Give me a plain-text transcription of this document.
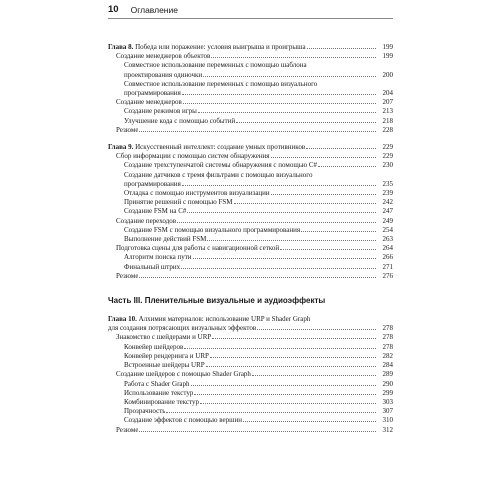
10 Оглавление
Глава 8. Победа или поражение: условия выигрыша и проигрыша	199
Создание менеджеров объектов	199
Совместное использование переменных с помощью шаблона
проектирования одиночки	200
Совместное использование переменных с помощью визуального
программирования	204
Создание менеджеров	207
Создание режимов игры	213
Улучшение кода с помощью событий	218
Резюме	228
Глава 9. Искусственный интеллект: создание умных противников	229
Сбор информации с помощью систем обнаружения	229
Создание трехступенчатой системы обнаружения с помощью C#	230
Создание датчиков с тремя фильтрами с помощью визуального
программирования	235
Отладка с помощью инструментов визуализации	239
Принятие решений с помощью FSM	242
Создание FSM на C#	247
Создание переходов	249
Создание FSM с помощью визуального программирования	254
Выполнение действий FSM	263
Подготовка сцены для работы с навигационной сеткой	264
Алгоритм поиска пути	266
Финальный штрих	271
Резюме	276
Часть III. Пленительные визуальные и аудиоэффекты
Глава 10. Алхимия материалов: использование URP и Shader Graph
для создания потрясающих визуальных эффектов	278
Знакомство с шейдерами и URP	278
Конвейер шейдеров	278
Конвейер рендеринга и URP	282
Встроенные шейдеры URP	284
Создание шейдеров с помощью Shader Graph	289
Работа с Shader Graph	290
Использование текстур	299
Комбинирование текстур	303
Прозрачность	307
Создание эффектов с помощью вершин	310
Резюме	312
